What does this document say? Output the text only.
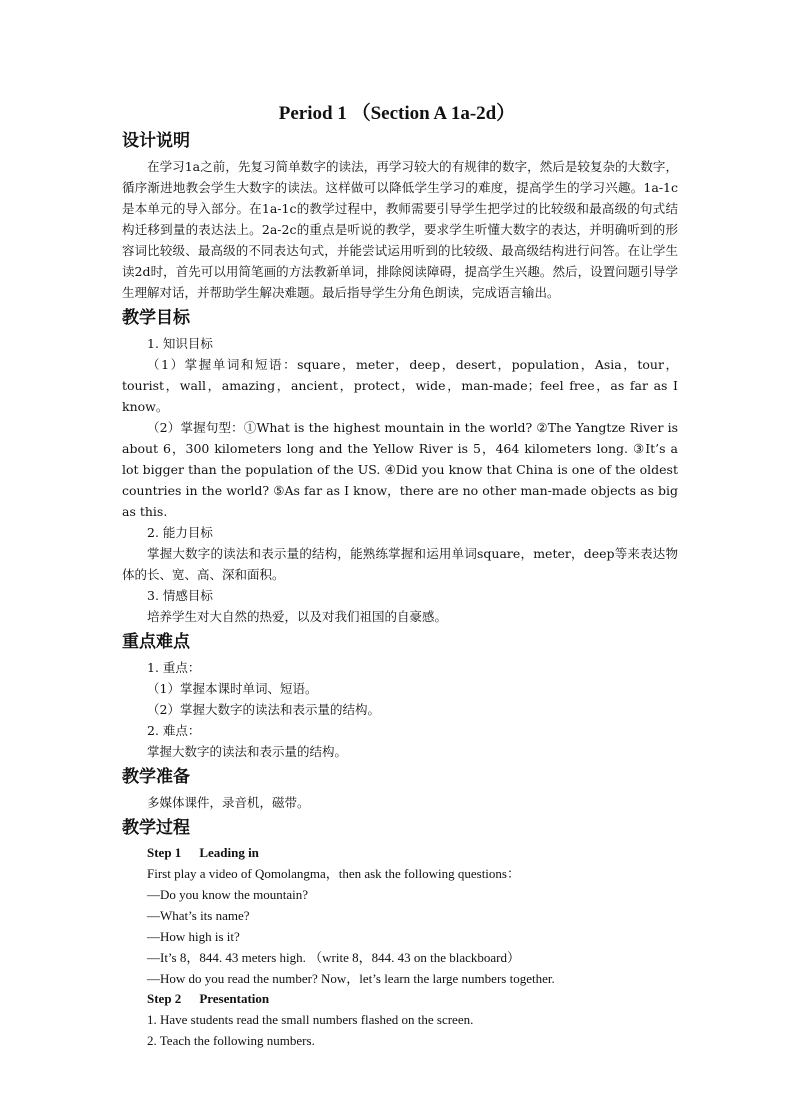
Period 1 （Section A 1a-2d）
设计说明

在学习1a之前，先复习简单数字的读法，再学习较大的有规律的数字，然后是较复杂的大数字，循序渐进地教会学生大数字的读法。这样做可以降低学生学习的难度，提高学生的学习兴趣。1a-1c是本单元的导入部分。在1a-1c的教学过程中，教师需要引导学生把学过的比较级和最高级的句式结构迁移到量的表达法上。2a-2c的重点是听说的教学，要求学生听懂大数字的表达，并明确听到的形容词比较级、最高级的不同表达句式，并能尝试运用听到的比较级、最高级结构进行问答。在让学生读2d时，首先可以用简笔画的方法教新单词，排除阅读障碍，提高学生兴趣。然后，设置问题引导学生理解对话，并帮助学生解决难题。最后指导学生分角色朗读，完成语言输出。

教学目标

1. 知识目标

（1）掌握单词和短语：square，meter，deep，desert，population，Asia，tour，tourist，wall，amazing，ancient，protect，wide，man-made；feel free，as far as I know。

（2）掌握句型：①What is the highest mountain in the world? ②The Yangtze River is about 6，300 kilometers long and the Yellow River is 5，464 kilometers long. ③It’s a lot bigger than the population of the US. ④Did you know that China is one of the oldest countries in the world? ⑤As far as I know，there are no other man-made objects as big as this.

2. 能力目标

掌握大数字的读法和表示量的结构，能熟练掌握和运用单词square，meter，deep等来表达物体的长、宽、高、深和面积。

3. 情感目标

培养学生对大自然的热爱，以及对我们祖国的自豪感。

重点难点

1. 重点：

（1）掌握本课时单词、短语。

（2）掌握大数字的读法和表示量的结构。

2. 难点：

掌握大数字的读法和表示量的结构。

教学准备

多媒体课件，录音机，磁带。

教学过程

Step 1 Leading in

First play a video of Qomolangma，then ask the following questions：

—Do you know the mountain?

—What’s its name?

—How high is it?

—It’s 8，844. 43 meters high. （write 8，844. 43 on the blackboard）

—How do you read the number? Now，let’s learn the large numbers together.

Step 2 Presentation

1. Have students read the small numbers flashed on the screen.

2. Teach the following numbers.
